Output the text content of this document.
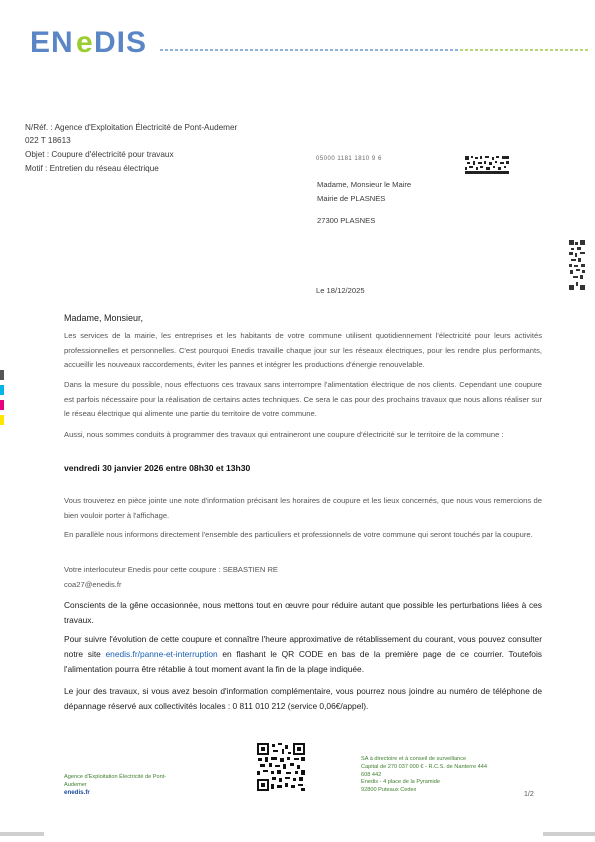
EN e DIS
N/Réf. : Agence d'Exploitation Électricité de Pont-Audemer
022 T 18613
Objet : Coupure d'électricité pour travaux
Motif : Entretien du réseau électrique
05000 1181 1810 9 6
Madame, Monsieur le Maire
Mairie de PLASNES
27300 PLASNES
Le 18/12/2025
Madame, Monsieur,
Les services de la mairie, les entreprises et les habitants de votre commune utilisent quotidiennement l'électricité pour leurs activités professionnelles et personnelles. C'est pourquoi Enedis travaille chaque jour sur les réseaux électriques, pour les rendre plus performants, accueillir les nouveaux raccordements, éviter les pannes et intégrer les productions d'énergie renouvelable.
Dans la mesure du possible, nous effectuons ces travaux sans interrompre l'alimentation électrique de nos clients. Cependant une coupure est parfois nécessaire pour la réalisation de certains actes techniques. Ce sera le cas pour des prochains travaux que nous allons réaliser sur le réseau électrique qui alimente une partie du territoire de votre commune.
Aussi, nous sommes conduits à programmer des travaux qui entraineront une coupure d'électricité sur le territoire de la commune :
vendredi 30 janvier 2026 entre 08h30 et 13h30
Vous trouverez en pièce jointe une note d'information précisant les horaires de coupure et les lieux concernés, que nous vous remercions de bien vouloir porter à l'affichage.
En parallèle nous informons directement l'ensemble des particuliers et professionnels de votre commune qui seront touchés par la coupure.
Votre interlocuteur Enedis pour cette coupure : SEBASTIEN RE
coa27@enedis.fr
Conscients de la gêne occasionnée, nous mettons tout en œuvre pour réduire autant que possible les perturbations liées à ces travaux.
Pour suivre l'évolution de cette coupure et connaître l'heure approximative de rétablissement du courant, vous pouvez consulter notre site enedis.fr/panne-et-interruption en flashant le QR CODE en bas de la première page de ce courrier. Toutefois l'alimentation pourra être rétablie à tout moment avant la fin de la plage indiquée.
Le jour des travaux, si vous avez besoin d'information complémentaire, vous pourrez nous joindre au numéro de téléphone de dépannage réservé aux collectivités locales : 0 811 010 212 (service 0,06€/appel).
Agence d'Exploitation Électricité de Pont-
Audemer
enedis.fr
SA à directoire et à conseil de surveillance
Capital de 270 037 000 € - R.C.S. de Nanterre 444
608 442
Enedis - 4 place de la Pyramide
92800 Puteaux Cedex
1/2
